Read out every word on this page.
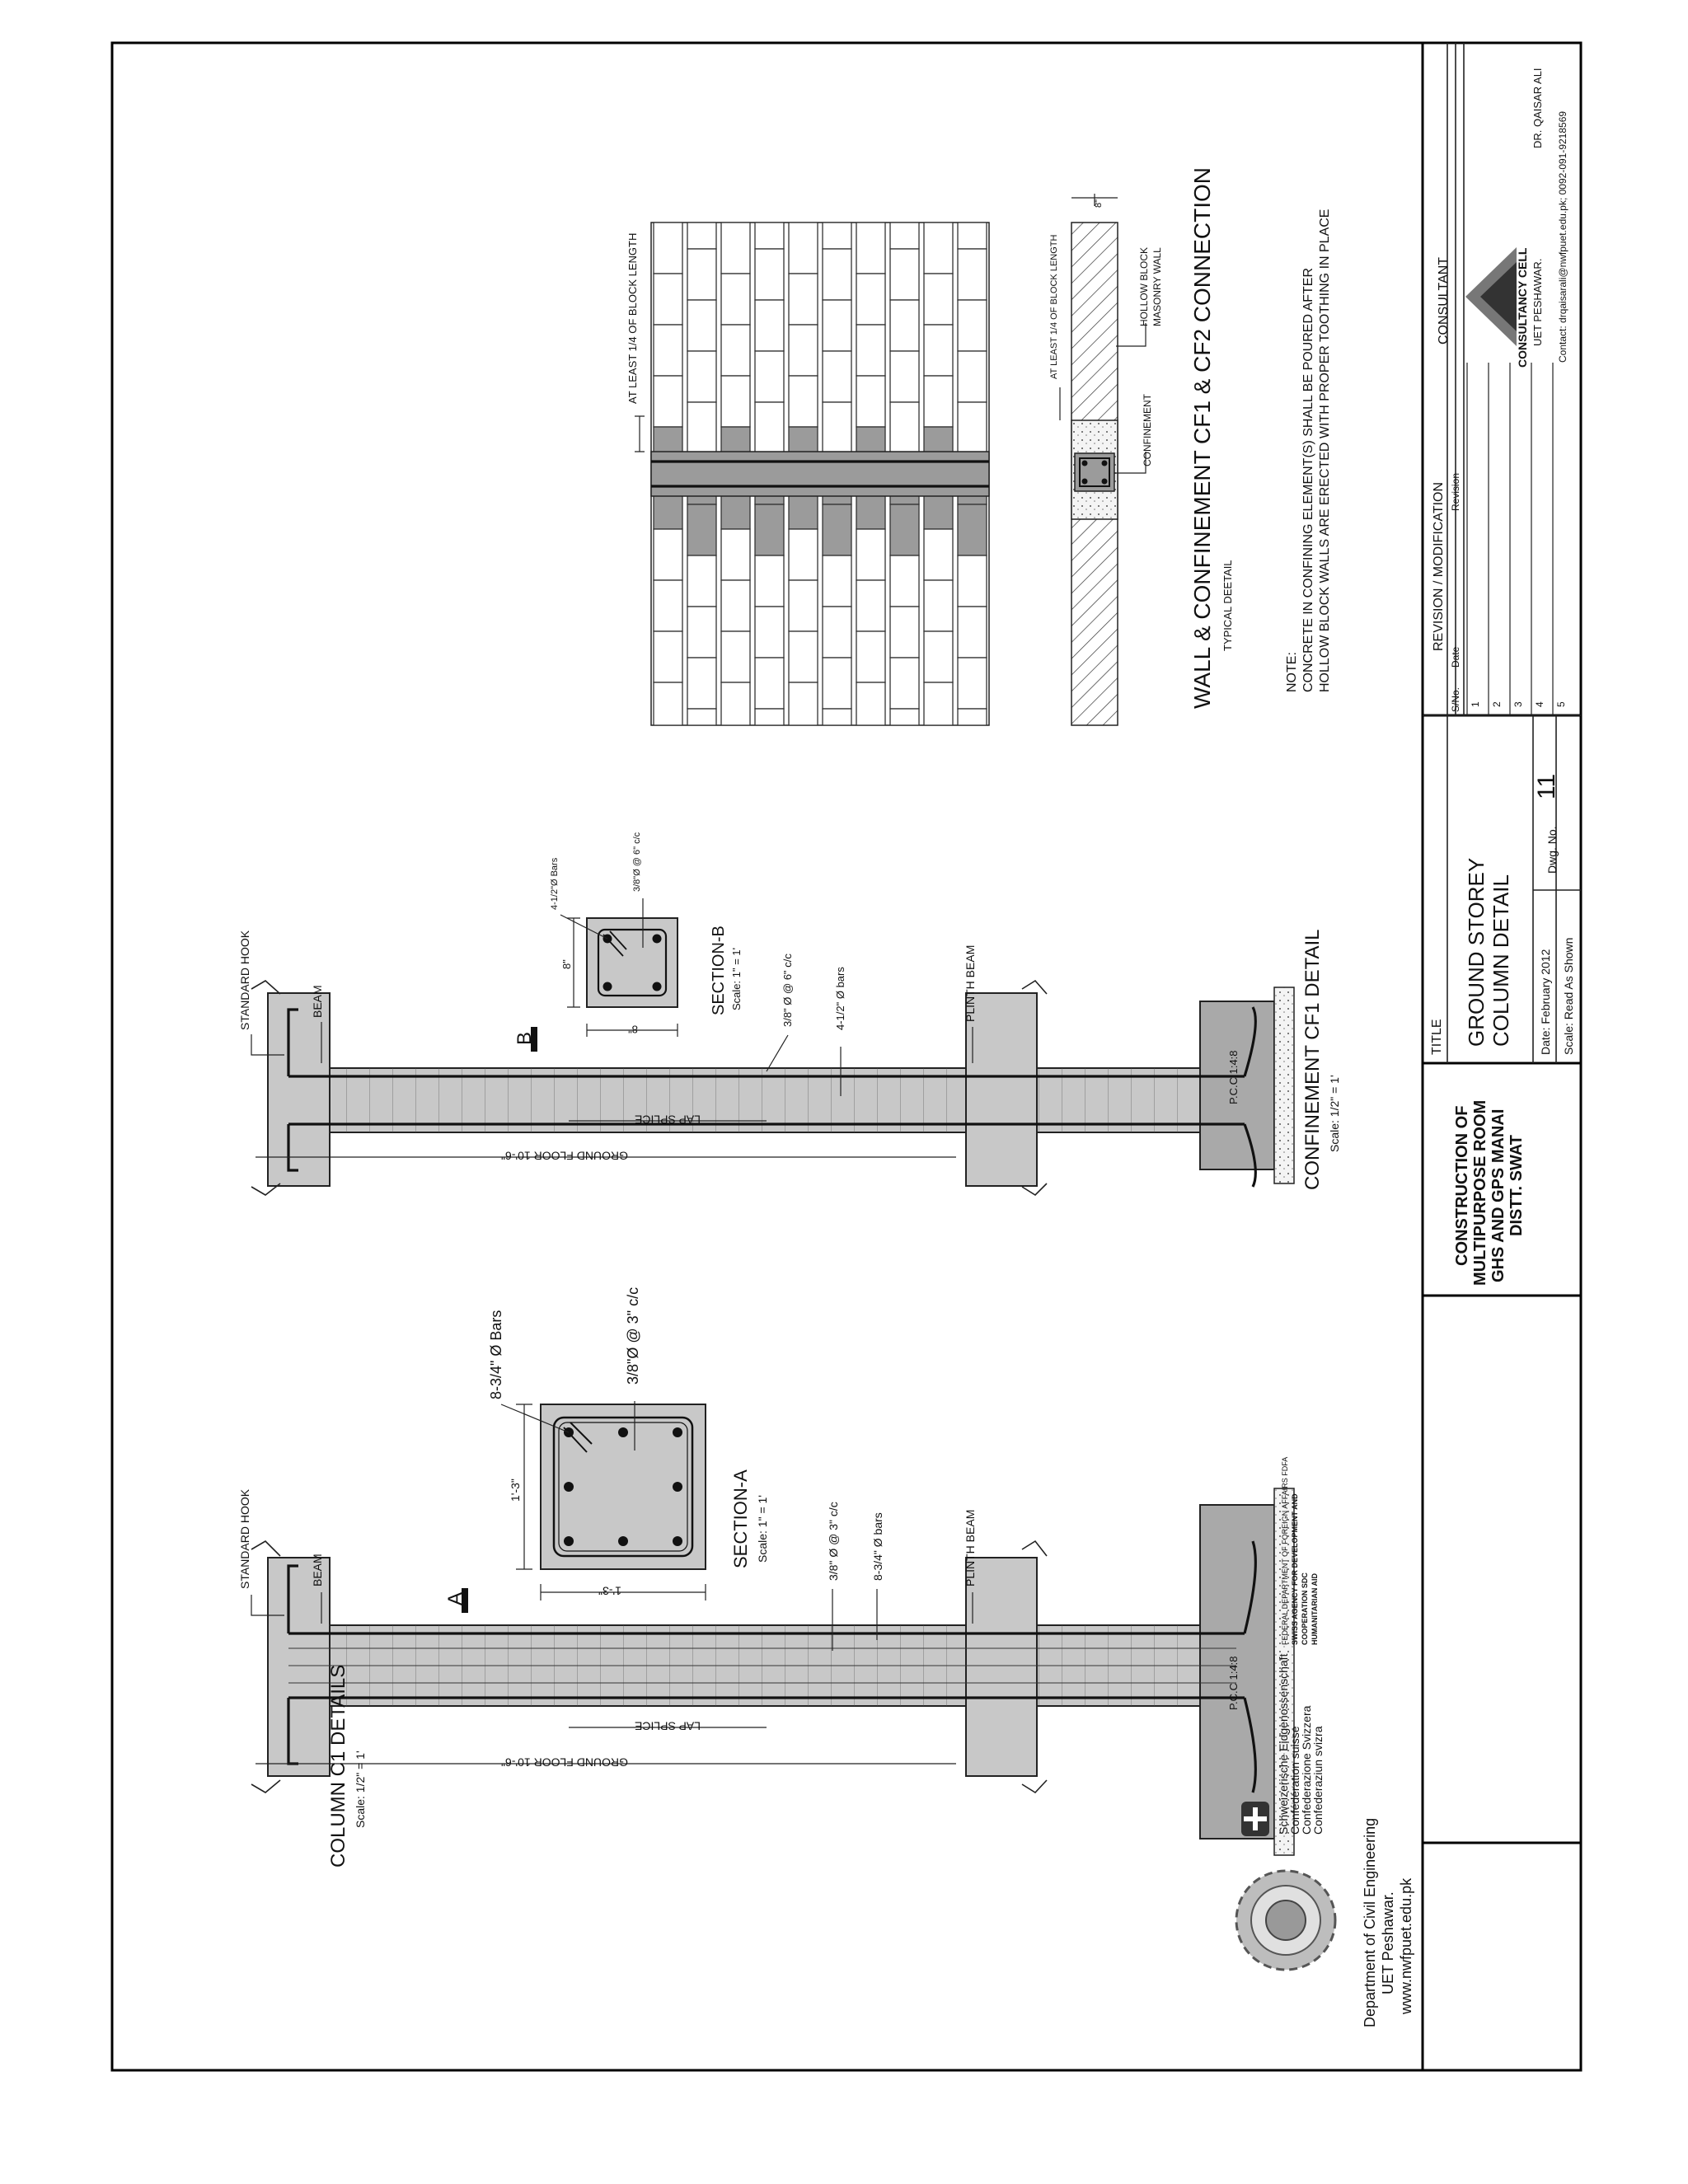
A
STANDARD HOOK	BEAM	PLINTH BEAM
GROUND FLOOR 10'-6"
LAP SPLICE
P.C.C 1:4:8
3/8" Ø @ 3" c/c	8-3/4" Ø bars
COLUMN C1 DETAILS Scale: 1/2" = 1'
1'-3"
1'-3"
8-3/4" Ø Bars	3/8"Ø @ 3" c/c
SECTION-A Scale: 1" = 1'
B
STANDARD HOOK	BEAM	PLINTH BEAM
GROUND FLOOR 10'-6"
LAP SPLICE
P.C.C 1:4:8
3/8" Ø @ 6" c/c	4-1/2" Ø bars	CONFINEMENT CF1 DETAIL Scale: 1/2" = 1'
8"
8"
4-1/2"Ø Bars	3/8"Ø @ 6" c/c
SECTION-B Scale: 1" = 1'
AT LEAST 1/4 OF BLOCK LENGTH	AT LEAST 1/4 OF BLOCK LENGTH
8"
CONFINEMENT
HOLLOW BLOCK MASONRY WALL WALL & CONFINEMENT CF1 & CF2 CONNECTION TYPICAL DEETAIL
NOTE: CONCRETE IN CONFINING ELEMENT(S) SHALL BE POURED AFTER HOLLOW BLOCK WALLS ARE ERECTED WITH PROPER TOOTHING IN PLACE
Department of Civil Engineering UET Peshawar. www.nwfpuet.edu.pk
Schweizerische Eidgenossenschaft
Confédération suisse
Confederazione Svizzera
Confederaziun svizra
FEDERAL DEPARTMENT OF FOREIGN AFFAIRS FDFA SWISS AGENCY FOR DEVELOPMENT AND COOPERATION SDC HUMANITARIAN AID
CONSTRUCTION OF MULTIPURPOSE ROOM GHS AND GPS MANAI DISTT. SWAT
TITLE GROUND STOREY COLUMN DETAIL Date: February 2012 Scale: Read As Shown
Dwg. No.
11
REVISION / MODIFICATION
S/No.
Date
Revision
CONSULTANT	CONSULTANCY CELL UET PESHAWAR.
DR. QAISAR ALI
Contact: drqaisarali@nwfpuet.edu.pk; 0092-091-9218569
1 2 3 4 5
